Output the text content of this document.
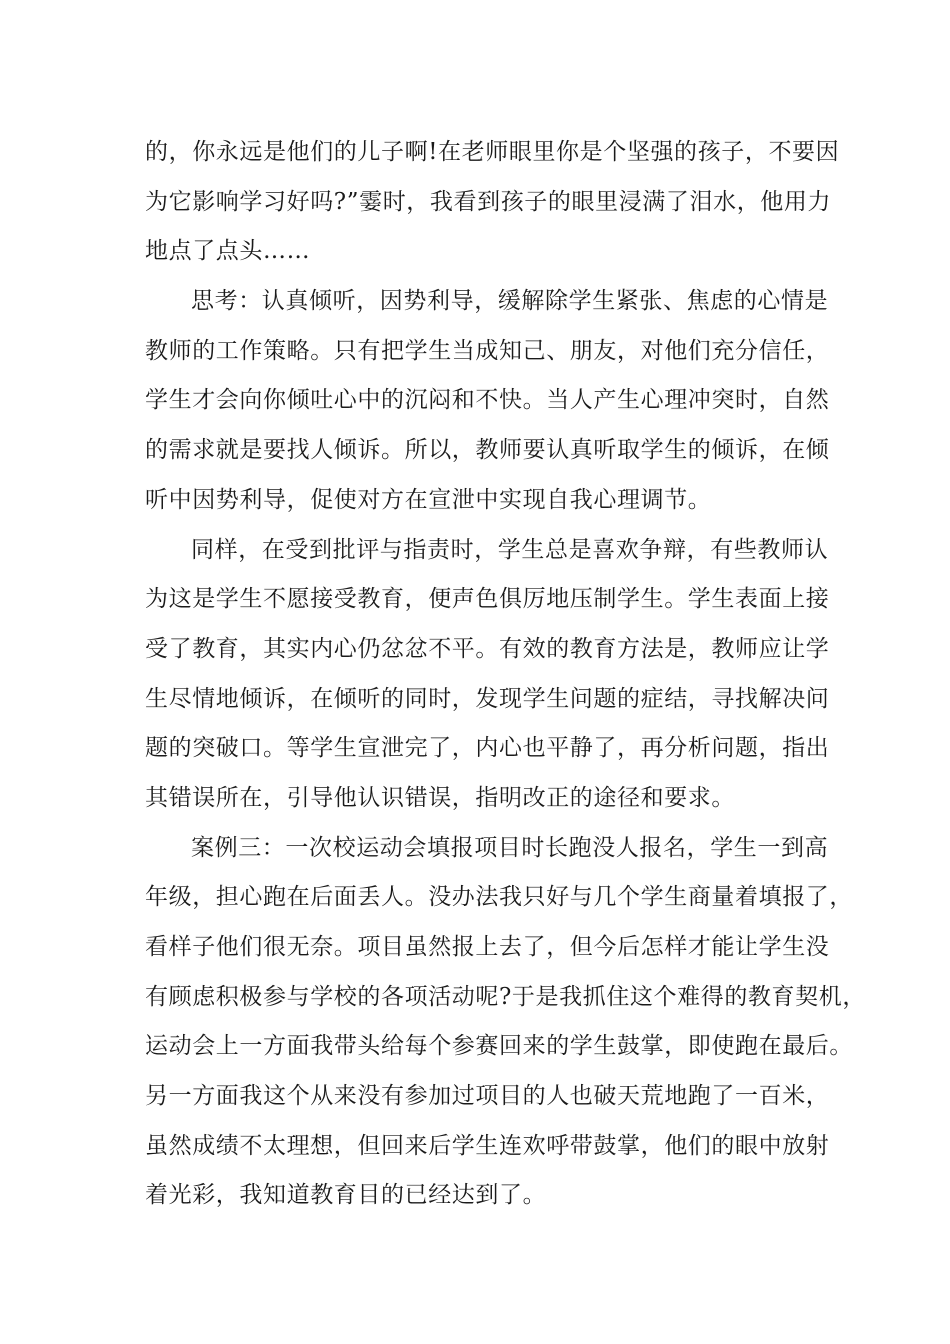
的，你永远是他们的儿子啊!在老师眼里你是个坚强的孩子，不要因
为它影响学习好吗?”霎时，我看到孩子的眼里浸满了泪水，他用力
地点了点头……
思考：认真倾听，因势利导，缓解除学生紧张、焦虑的心情是
教师的工作策略。只有把学生当成知己、朋友，对他们充分信任，
学生才会向你倾吐心中的沉闷和不快。当人产生心理冲突时，自然
的需求就是要找人倾诉。所以，教师要认真听取学生的倾诉，在倾
听中因势利导，促使对方在宣泄中实现自我心理调节。
同样，在受到批评与指责时，学生总是喜欢争辩，有些教师认
为这是学生不愿接受教育，便声色俱厉地压制学生。学生表面上接
受了教育，其实内心仍忿忿不平。有效的教育方法是，教师应让学
生尽情地倾诉，在倾听的同时，发现学生问题的症结，寻找解决问
题的突破口。等学生宣泄完了，内心也平静了，再分析问题，指出
其错误所在，引导他认识错误，指明改正的途径和要求。
案例三：一次校运动会填报项目时长跑没人报名，学生一到高
年级，担心跑在后面丢人。没办法我只好与几个学生商量着填报了，
看样子他们很无奈。项目虽然报上去了，但今后怎样才能让学生没
有顾虑积极参与学校的各项活动呢?于是我抓住这个难得的教育契机，
运动会上一方面我带头给每个参赛回来的学生鼓掌，即使跑在最后。
另一方面我这个从来没有参加过项目的人也破天荒地跑了一百米，
虽然成绩不太理想，但回来后学生连欢呼带鼓掌，他们的眼中放射
着光彩，我知道教育目的已经达到了。
